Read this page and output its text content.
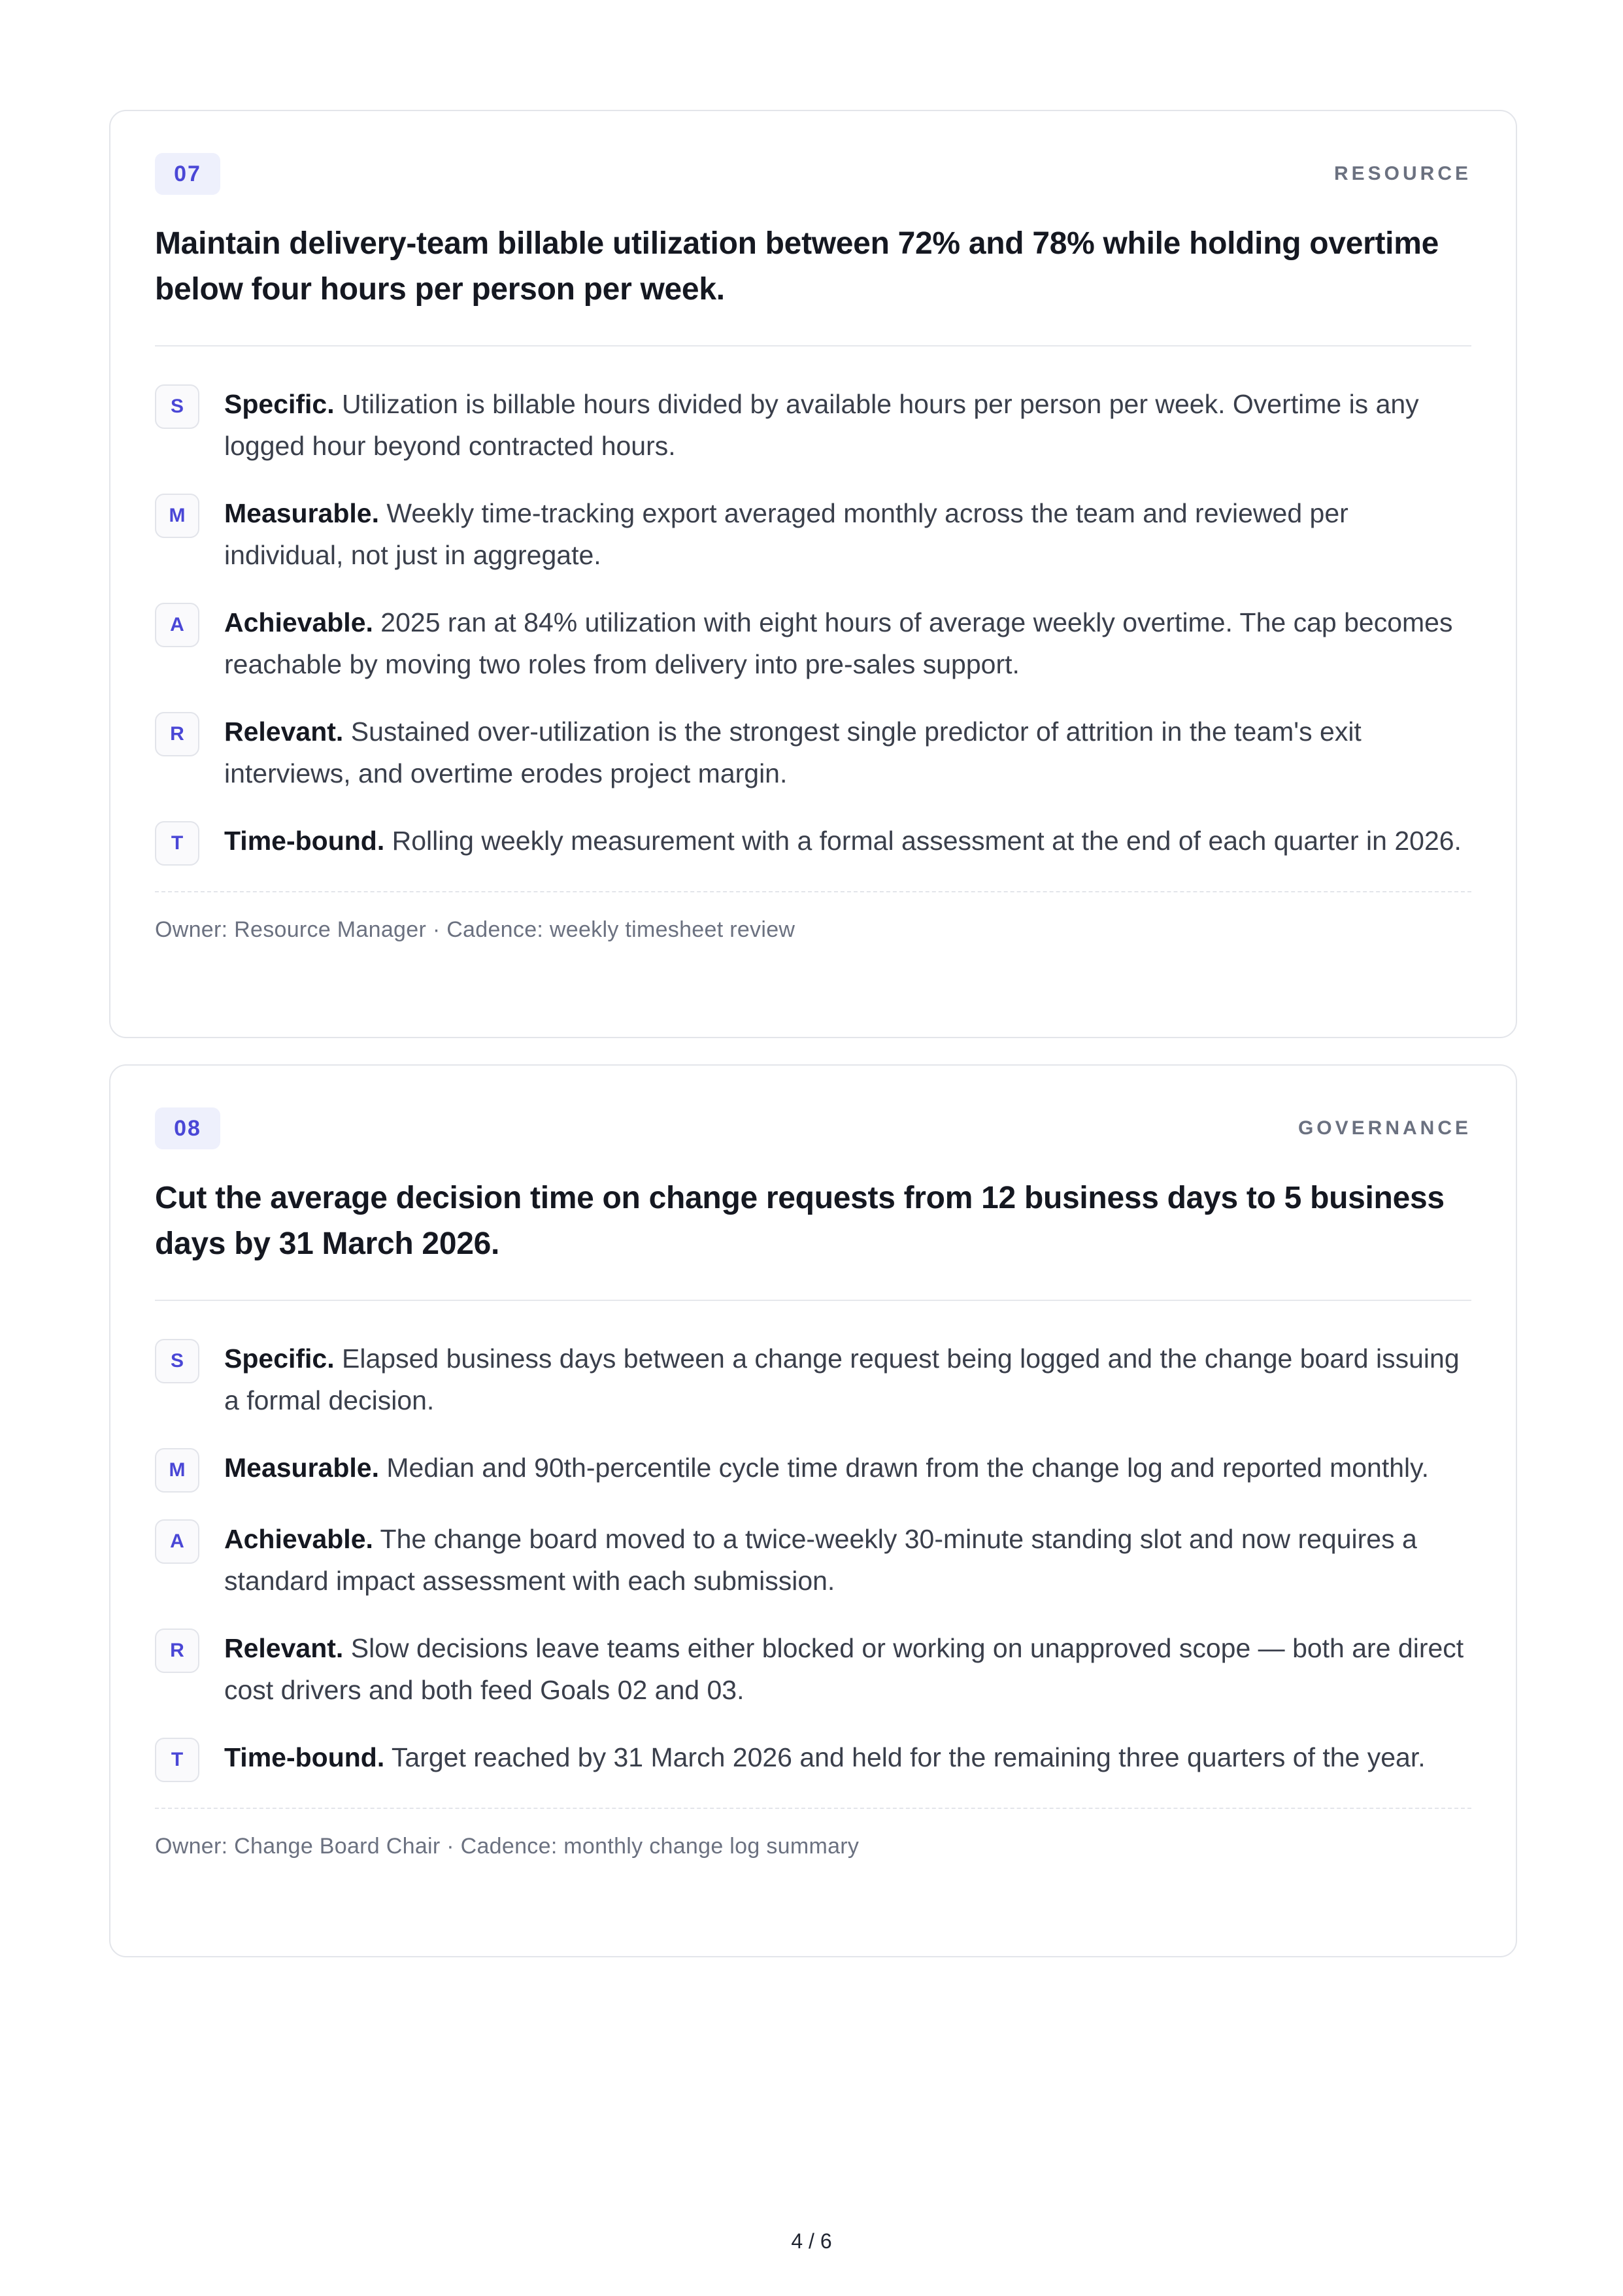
07	RESOURCE
Maintain delivery-team billable utilization between 72% and 78% while holding overtime below four hours per person per week.
S	Specific. Utilization is billable hours divided by available hours per person per week. Overtime is any logged hour beyond contracted hours.
M	Measurable. Weekly time-tracking export averaged monthly across the team and reviewed per individual, not just in aggregate.
A	Achievable. 2025 ran at 84% utilization with eight hours of average weekly overtime. The cap becomes reachable by moving two roles from delivery into pre-sales support.
R	Relevant. Sustained over-utilization is the strongest single predictor of attrition in the team's exit interviews, and overtime erodes project margin.
T	Time-bound. Rolling weekly measurement with a formal assessment at the end of each quarter in 2026.
Owner: Resource Manager · Cadence: weekly timesheet review
08	GOVERNANCE
Cut the average decision time on change requests from 12 business days to 5 business days by 31 March 2026.
S	Specific. Elapsed business days between a change request being logged and the change board issuing a formal decision.
M	Measurable. Median and 90th-percentile cycle time drawn from the change log and reported monthly.
A	Achievable. The change board moved to a twice-weekly 30-minute standing slot and now requires a standard impact assessment with each submission.
R	Relevant. Slow decisions leave teams either blocked or working on unapproved scope — both are direct cost drivers and both feed Goals 02 and 03.
T	Time-bound. Target reached by 31 March 2026 and held for the remaining three quarters of the year.
Owner: Change Board Chair · Cadence: monthly change log summary
4 / 6
